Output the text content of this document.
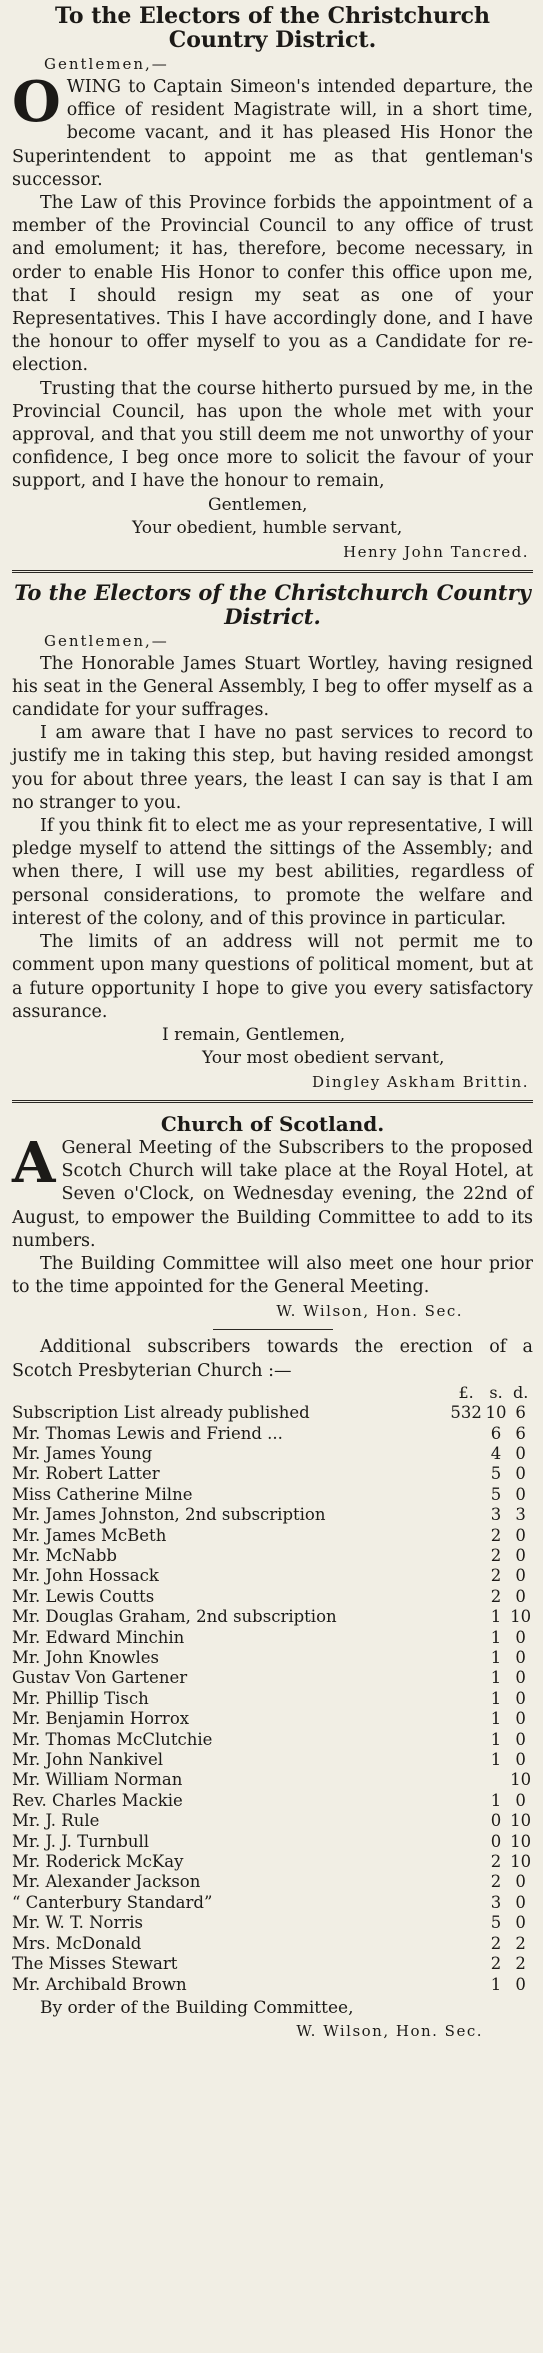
To the Electors of the Christchurch
Country District.
Gentlemen,—

OWING to Captain Simeon's intended departure, the office of resident Magistrate will, in a short time, become vacant, and it has pleased His Honor the Superintendent to appoint me as that gentleman's successor.

The Law of this Province forbids the appointment of a member of the Provincial Council to any office of trust and emolument; it has, therefore, become necessary, in order to enable His Honor to confer this office upon me, that I should resign my seat as one of your Representatives. This I have accordingly done, and I have the honour to offer myself to you as a Candidate for re-election.

Trusting that the course hitherto pursued by me, in the Provincial Council, has upon the whole met with your approval, and that you still deem me not unworthy of your confidence, I beg once more to solicit the favour of your support, and I have the honour to remain,

Gentlemen,
Your obedient, humble servant,
Henry John Tancred.
To the Electors of the Christchurch Country
District.
Gentlemen,—

The Honorable James Stuart Wortley, having resigned his seat in the General Assembly, I beg to offer myself as a candidate for your suffrages.

I am aware that I have no past services to record to justify me in taking this step, but having resided amongst you for about three years, the least I can say is that I am no stranger to you.

If you think fit to elect me as your representative, I will pledge myself to attend the sittings of the Assembly; and when there, I will use my best abilities, regardless of personal considerations, to promote the welfare and interest of the colony, and of this province in particular.

The limits of an address will not permit me to comment upon many questions of political moment, but at a future opportunity I hope to give you every satisfactory assurance.

I remain, Gentlemen,
Your most obedient servant,
Dingley Askham Brittin.
Church of Scotland.

A General Meeting of the Subscribers to the proposed Scotch Church will take place at the Royal Hotel, at Seven o'Clock, on Wednesday evening, the 22nd of August, to empower the Building Committee to add to its numbers.

The Building Committee will also meet one hour prior to the time appointed for the General Meeting.

W. Wilson, Hon. Sec.

Additional subscribers towards the erection of a Scotch Presbyterian Church :—

	£.	s.	d.
Subscription List already published	532	10	6
Mr. Thomas Lewis and Friend ...		6	6
Mr. James Young		4	0
Mr. Robert Latter		5	0
Miss Catherine Milne		5	0
Mr. James Johnston, 2nd subscription		3	3
Mr. James McBeth		2	0
Mr. McNabb		2	0
Mr. John Hossack		2	0
Mr. Lewis Coutts		2	0
Mr. Douglas Graham, 2nd subscription		1	10
Mr. Edward Minchin		1	0
Mr. John Knowles		1	0
Gustav Von Gartener		1	0
Mr. Phillip Tisch		1	0
Mr. Benjamin Horrox		1	0
Mr. Thomas McClutchie		1	0
Mr. John Nankivel		1	0
Mr. William Norman			10
Rev. Charles Mackie		1	0
Mr. J. Rule		0	10
Mr. J. J. Turnbull		0	10
Mr. Roderick McKay		2	10
Mr. Alexander Jackson		2	0
“ Canterbury Standard”		3	0
Mr. W. T. Norris		5	0
Mrs. McDonald		2	2
The Misses Stewart		2	2
Mr. Archibald Brown		1	0
By order of the Building Committee,
W. Wilson, Hon. Sec.
